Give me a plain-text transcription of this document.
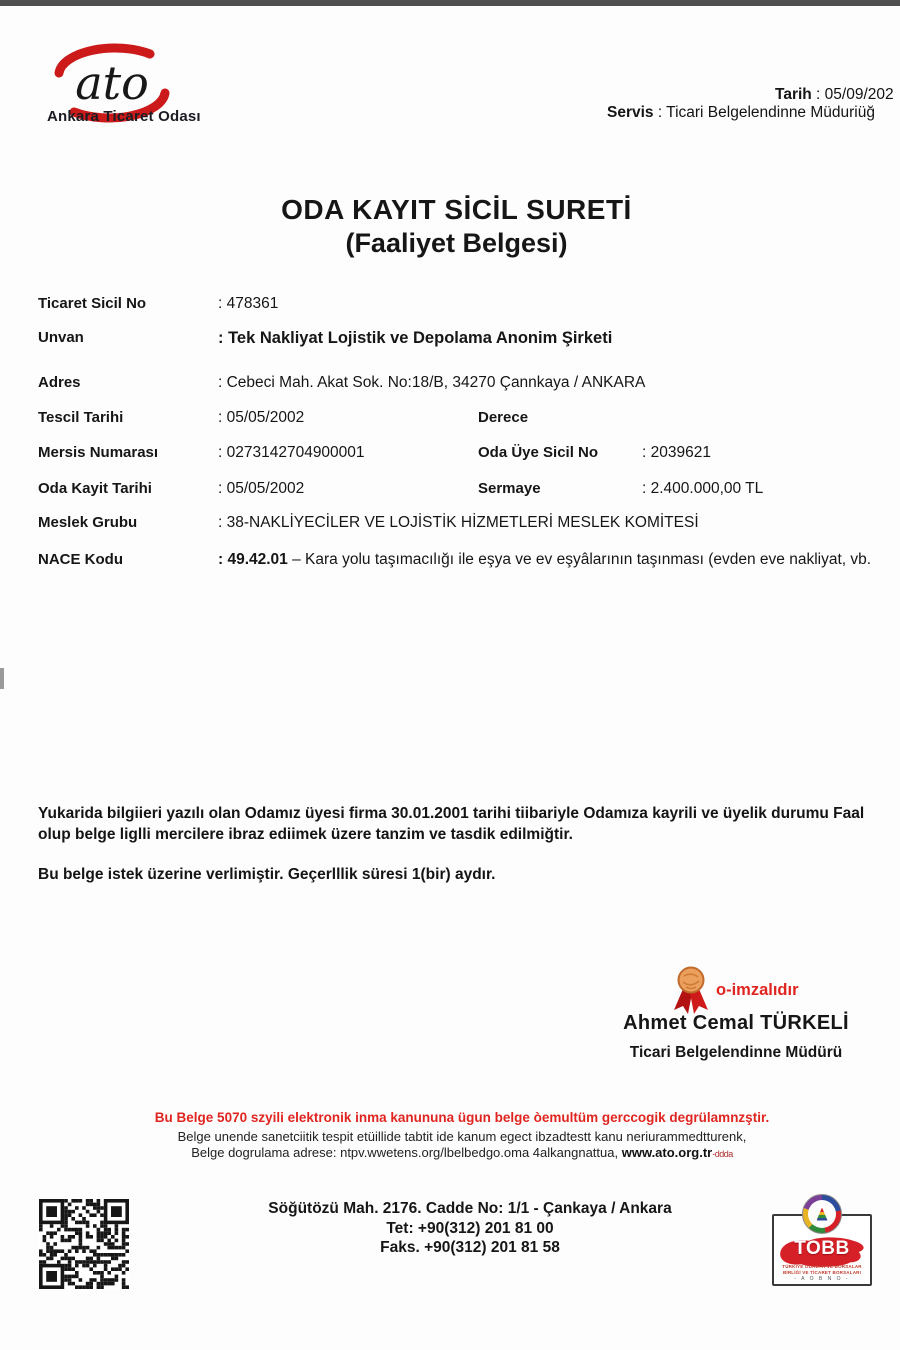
ato
Ankara Ticaret Odası
Tarih : 05/09/202
Servis : Ticari Belgelendinne Müduriüğ
ODA KAYIT SİCİL SURETİ
(Faaliyet Belgesi)
Ticaret Sicil No	: 478361
Unvan	: Tek Nakliyat Lojistik ve Depolama Anonim Şirketi
Adres	: Cebeci Mah. Akat Sok. No:18/B, 34270 Çannkaya / ANKARA
Tescil Tarihi	: 05/05/2002	Derece
Mersis Numarası	: 0273142704900001	Oda Üye Sicil No	: 2039621
Oda Kayit Tarihi	: 05/05/2002	Sermaye	: 2.400.000,00 TL
Meslek Grubu	: 38-NAKLİYECİLER VE LOJİSTİK HİZMETLERİ MESLEK KOMİTESİ
NACE Kodu	: 49.42.01 – Kara yolu taşımacılığı ile eşya ve ev eşyâlarının taşınması (evden eve nakliyat, vb.
Yukarida bilgiieri yazılı olan Odamız üyesi firma 30.01.2001 tarihi tiibariyle Odamıza kayrili ve üyelik durumu Faal olup belge liglli mercilere ibraz ediimek üzere tanzim ve tasdik edilmiğtir.
Bu belge istek üzerine verlimiştir. Geçerlllik süresi 1(bir) aydır.
o-imzalıdır
Ahmet Cemal TÜRKELİ
Ticari Belgelendinne Müdürü
Bu Belge 5070 szyili elektronik inma kanununa ügun belge òemultüm gerccogik degrülamnzştir.
Belge unende sanetciitik tespit etüillide tabtit ide kanum egect ibzadtestt kanu neriurammedtturenk,
Belge dogrulama adrese: ntpv.wwetens.org/lbelbedgo.oma 4alkangnattua, www.ato.org.tr-ddda
Söğütözü Mah. 2176. Cadde No: 1/1 - Çankaya / Ankara
Tet: +90(312) 201 81 00
Faks. +90(312) 201 81 58	TOBB
TÜRKİYE ODALAR VE BORSALAR
BİRLİĞİ VE TİCARET BORSALARI
- A O B N O -
